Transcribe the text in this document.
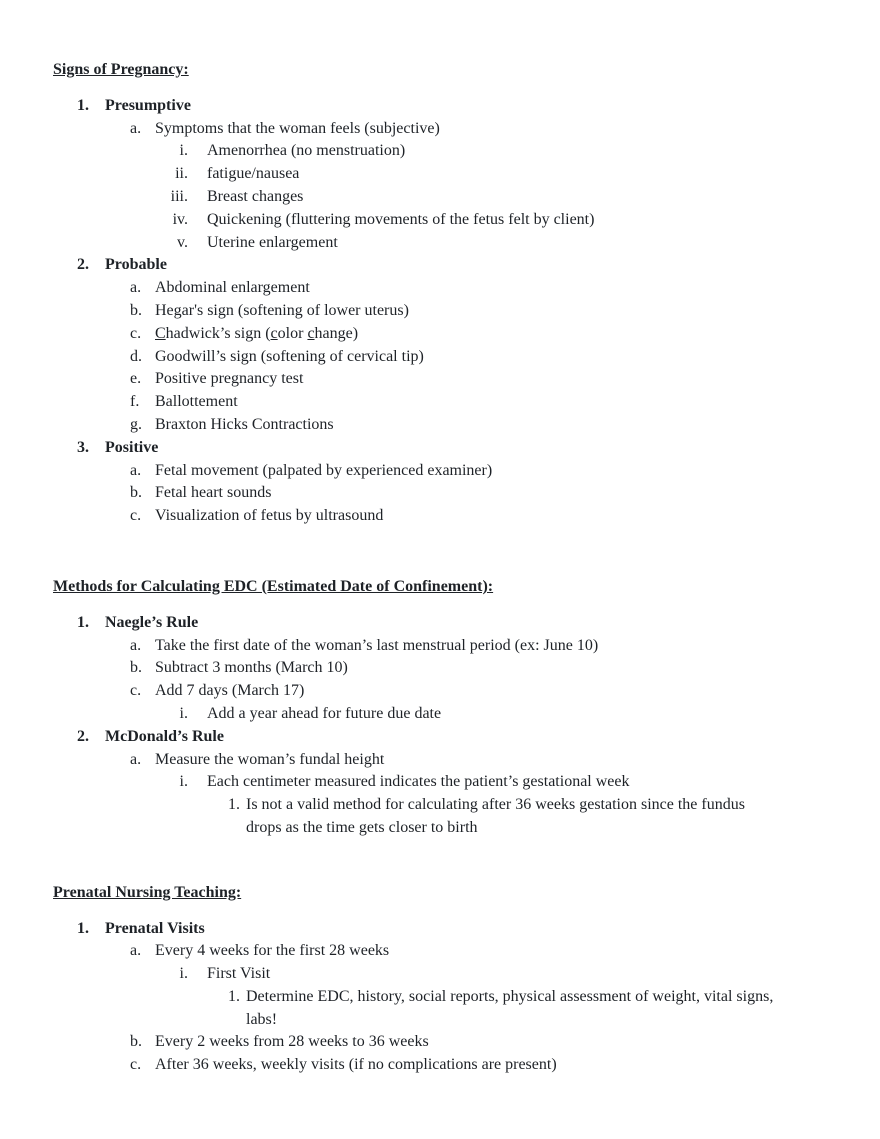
Signs of Pregnancy:
1.	Presumptive
a. Symptoms that the woman feels (subjective)
i. Amenorrhea (no menstruation)
ii. fatigue/nausea
iii. Breast changes
iv. Quickening (fluttering movements of the fetus felt by client)
v. Uterine enlargement
2.	Probable
a. Abdominal enlargement
b. Hegar's sign (softening of lower uterus)
c. Chadwick’s sign (color change)
d. Goodwill’s sign (softening of cervical tip)
e. Positive pregnancy test
f. Ballottement
g. Braxton Hicks Contractions
3.	Positive
a. Fetal movement (palpated by experienced examiner)
b. Fetal heart sounds
c. Visualization of fetus by ultrasound
Methods for Calculating EDC (Estimated Date of Confinement):
1.	Naegle’s Rule
a. Take the first date of the woman’s last menstrual period (ex: June 10)
b. Subtract 3 months (March 10)
c. Add 7 days (March 17)
i. Add a year ahead for future due date
2.	McDonald’s Rule
a. Measure the woman’s fundal height
i. Each centimeter measured indicates the patient’s gestational week
1. Is not a valid method for calculating after 36 weeks gestation since the fundus
drops as the time gets closer to birth
Prenatal Nursing Teaching:
1.	Prenatal Visits
a. Every 4 weeks for the first 28 weeks
i. First Visit
1. Determine EDC, history, social reports, physical assessment of weight, vital signs,
labs!
b. Every 2 weeks from 28 weeks to 36 weeks
c. After 36 weeks, weekly visits (if no complications are present)
